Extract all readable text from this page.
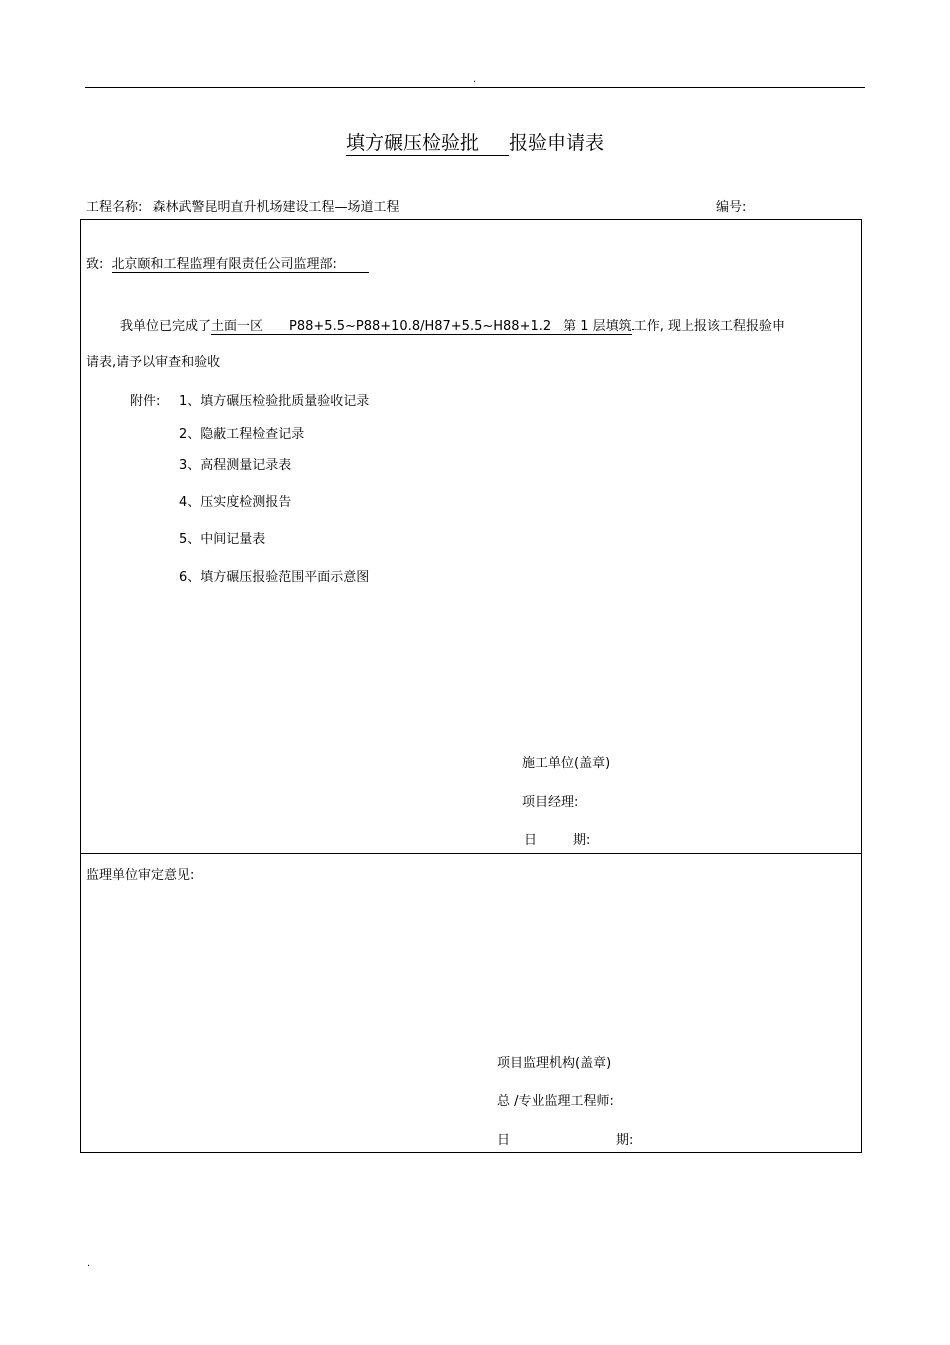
.
填方碾压检验批 报验申请表
工程名称: 森林武警昆明直升机场建设工程—场道工程	编号:
致: 北京颐和工程监理有限责任公司监理部:
我单位已完成了土面一区 P88+5.5~P88+10.8/H87+5.5~H88+1.2 第 1 层填筑 工作, 现上报该工程报验申
请表,请予以审查和验收
附件: 1、填方碾压检验批质量验收记录
2、隐蔽工程检查记录
3、高程测量记录表
4、压实度检测报告
5、中间记量表
6、填方碾压报验范围平面示意图
施工单位(盖章)
项目经理:
日	期:
监理单位审定意见:
项目监理机构(盖章)
总 /专业监理工程师:
日	期:
.
